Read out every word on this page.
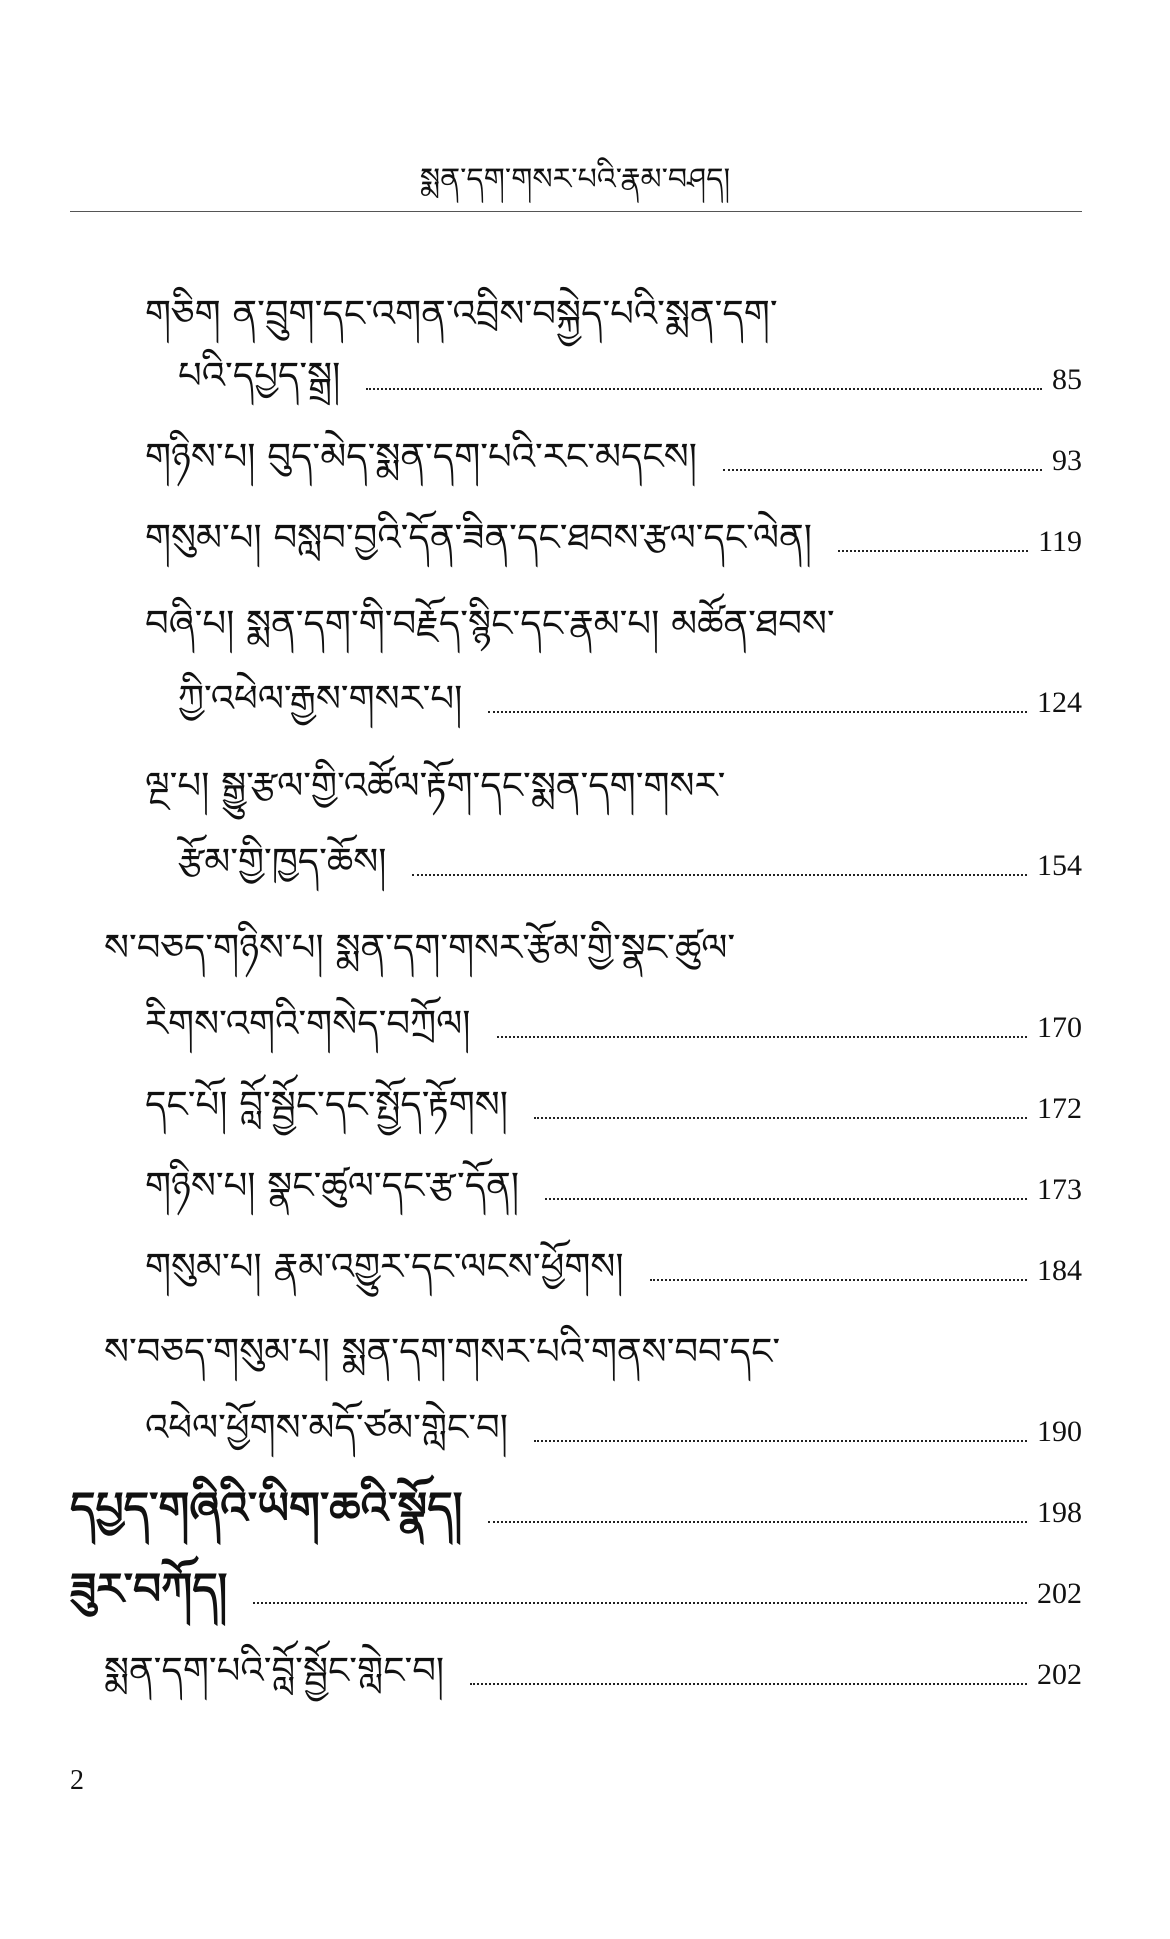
སྨན་དག་གསར་པའི་རྣམ་བཤད།
གཅིག ན་བྲུག་དང་འགན་འབྲིས་བསྐྱེད་པའི་སྨན་དག་
པའི་དཔྱད་སྒྲ།	85
གཉིས་པ། བུད་མེད་སྨན་དག་པའི་རང་མདངས།	93
གསུམ་པ། བསླབ་བྱའི་དོན་ཟིན་དང་ཐབས་རྩལ་དང་ལེན།	119
བཞི་པ། སྨན་དག་གི་བརྗོད་སྙིང་དང་རྣམ་པ། མཚོན་ཐབས་
ཀྱི་འཕེལ་རྒྱས་གསར་པ།	124
ལྔ་པ། སྒྱུ་རྩལ་གྱི་འཚོལ་རྟོག་དང་སྨན་དག་གསར་
རྩོམ་གྱི་ཁྱད་ཆོས།	154
ས་བཅད་གཉིས་པ། སྨན་དག་གསར་རྩོམ་གྱི་སྣང་ཚུལ་
རིགས་འགའི་གསེད་བཀྲོལ།	170
དང་པོ། བློ་སྦྱོང་དང་སྤྱོད་རྟོགས།	172
གཉིས་པ། སྣང་ཚུལ་དང་རྩ་དོན།	173
གསུམ་པ། རྣམ་འགྱུར་དང་ལངས་ཕྱོགས།	184
ས་བཅད་གསུམ་པ། སྨན་དག་གསར་པའི་གནས་བབ་དང་
འཕེལ་ཕྱོགས་མདོ་ཙམ་གླེང་བ།	190
དཔྱད་གཞིའི་ཡིག་ཆའི་སྣོད།	198
ཟུར་བཀོད།	202
སྨན་དག་པའི་བློ་སྦྱོང་གླེང་བ།	202
2
